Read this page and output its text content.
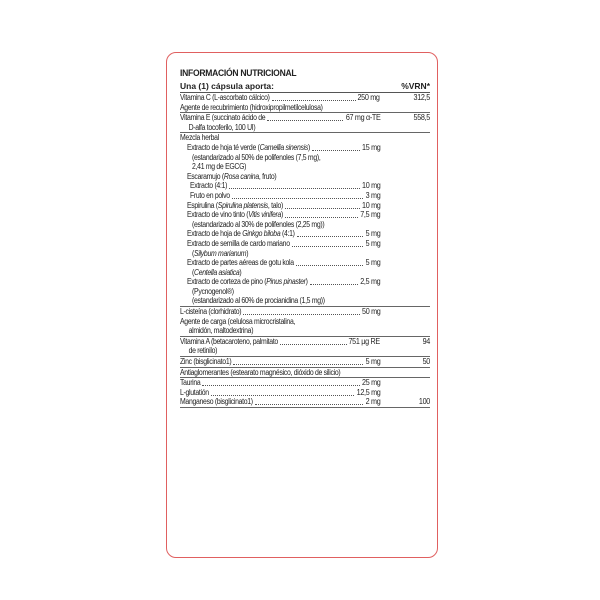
INFORMACIÓN NUTRICIONAL
Una (1) cápsula aporta:	%VRN*
Vitamina C (L-ascorbato cálcico)	250 mg	312,5
Agente de recubrimiento (hidroxipropilmetilcelulosa)
Vitamina E (succinato ácido de	67 mg α-TE	558,5
D-alfa tocoferilo, 100 UI)
Mezcla herbal
Extracto de hoja té verde (Camellia sinensis)	15 mg
(estandarizado al 50% de polifenoles (7,5 mg),
2,41 mg de EGCG)
Escaramujo (Rosa canina, fruto)
Extracto (4:1)	10 mg
Fruto en polvo	3 mg
Espirulina (Spirulina platensis, talo)	10 mg
Extracto de vino tinto (Vitis vinifera)	7,5 mg
(estandarizado al 30% de polifenoles (2,25 mg))
Extracto de hoja de Ginkgo biloba (4:1)	5 mg
Extracto de semilla de cardo mariano	5 mg
(Silybum marianum)
Extracto de partes aéreas de gotu kola	5 mg
(Centella asiatica)
Extracto de corteza de pino (Pinus pinaster)	2,5 mg
(Pycnogenol®)
(estandarizado al 60% de procianidina (1,5 mg))
L-cisteína (clorhidrato)	50 mg
Agente de carga (celulosa microcristalina,
almidón, maltodextrina)
Vitamina A (betacaroteno, palmitato	751 µg RE	94
de retinilo)
Zinc (bisglicinato1)	5 mg	50
Antiaglomerantes (estearato magnésico, dióxido de silicio)
Taurina	25 mg
L-glutatión	12,5 mg
Manganeso (bisglicinato1)	2 mg	100
